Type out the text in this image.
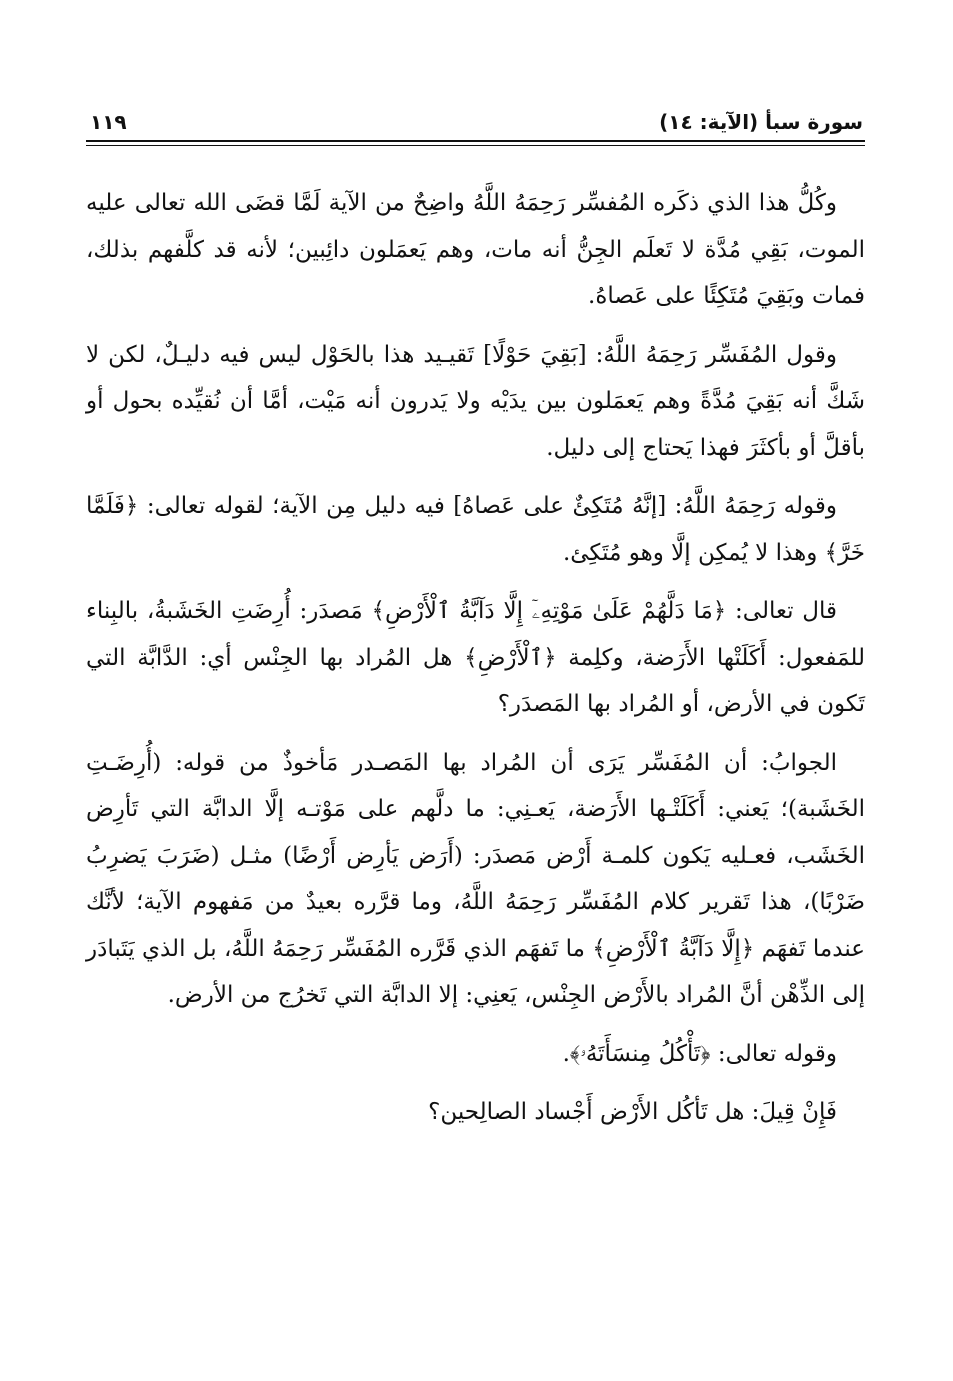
سورة سبأ (الآية: ١٤)
١١٩

وكُلُّ هذا الذي ذكَره المُفسِّر رَحِمَهُ اللَّهُ واضِحٌ من الآية لَمَّا قضَى الله تعالى عليه الموت، بَقِي مُدَّة لا تَعلَم الجِنُّ أنه مات، وهم يَعمَلون دائِبين؛ لأنه قد كلَّفهم بذلك، فمات وبَقِيَ مُتَكِئًا على عَصاهُ.

وقول المُفَسِّر رَحِمَهُ اللَّهُ: [بَقِيَ حَوْلًا] تَقيـيد هذا بالحَوْل ليس فيه دليـلٌ، لكن لا شَكَّ أنه بَقِيَ مُدَّةً وهم يَعمَلون بين يدَيْه ولا يَدرون أنه مَيْت، أمَّا أن نُقيِّده بحول أو بأقلَّ أو بأكثَرَ فهذا يَحتاج إلى دليل.

وقوله رَحِمَهُ اللَّهُ: [إنَّهُ مُتَكِئٌ على عَصاهُ] فيه دليل مِن الآية؛ لقوله تعالى: ﴿فَلَمَّا خَرَّ﴾ وهذا لا يُمكِن إلَّا وهو مُتَكِئ.

قال تعالى: ﴿مَا دَلَّهُمْ عَلَىٰ مَوْتِهِۦٓ إِلَّا دَآبَّةُ ٱلْأَرْضِ﴾ مَصدَر: أُرِضَتِ الخَشَبةُ، بالبِناء للمَفعول: أَكَلَتْها الأَرَضة، وكلِمة ﴿ٱلْأَرْضِ﴾ هل المُراد بها الجِنْس أي: الدَّابَّة التي تَكون في الأرض، أو المُراد بها المَصدَر؟

الجوابُ: أن المُفَسِّر يَرَى أن المُراد بها المَصـدر مَأخوذٌ من قوله: (أُرِضَـتِ الخَشَبة)؛ يَعني: أَكَلَتْـها الأَرَضة، يَعـنِي: ما دلَّهم على مَوْتـه إلَّا الدابَّة التي تَأرِض الخَشَب، فعـليه يَكون كلمـة أَرْض مَصدَر: (أَرَض يَأرِض أَرْضًا) مثـل (ضَرَبَ يَضرِبُ ضَرْبًا)، هذا تَقرير كلام المُفَسِّر رَحِمَهُ اللَّهُ، وما قرَّره بعيدٌ من مَفهوم الآية؛ لأنَّك عندما تَفهَم ﴿إِلَّا دَآبَّةُ ٱلْأَرْضِ﴾ ما تَفهَم الذي قَرَّره المُفَسِّر رَحِمَهُ اللَّهُ، بل الذي يَتَبادَر إلى الذِّهْن أنَّ المُراد بالأَرْض الجِنْس، يَعنِي: إلا الدابَّة التي تَخرُج من الأرض.

وقوله تعالى: ﴿تَأْكُلُ مِنسَأَتَهُۥ﴾.

فَإِنْ قِيلَ: هل تَأكُل الأَرْض أَجْساد الصالِحين؟
